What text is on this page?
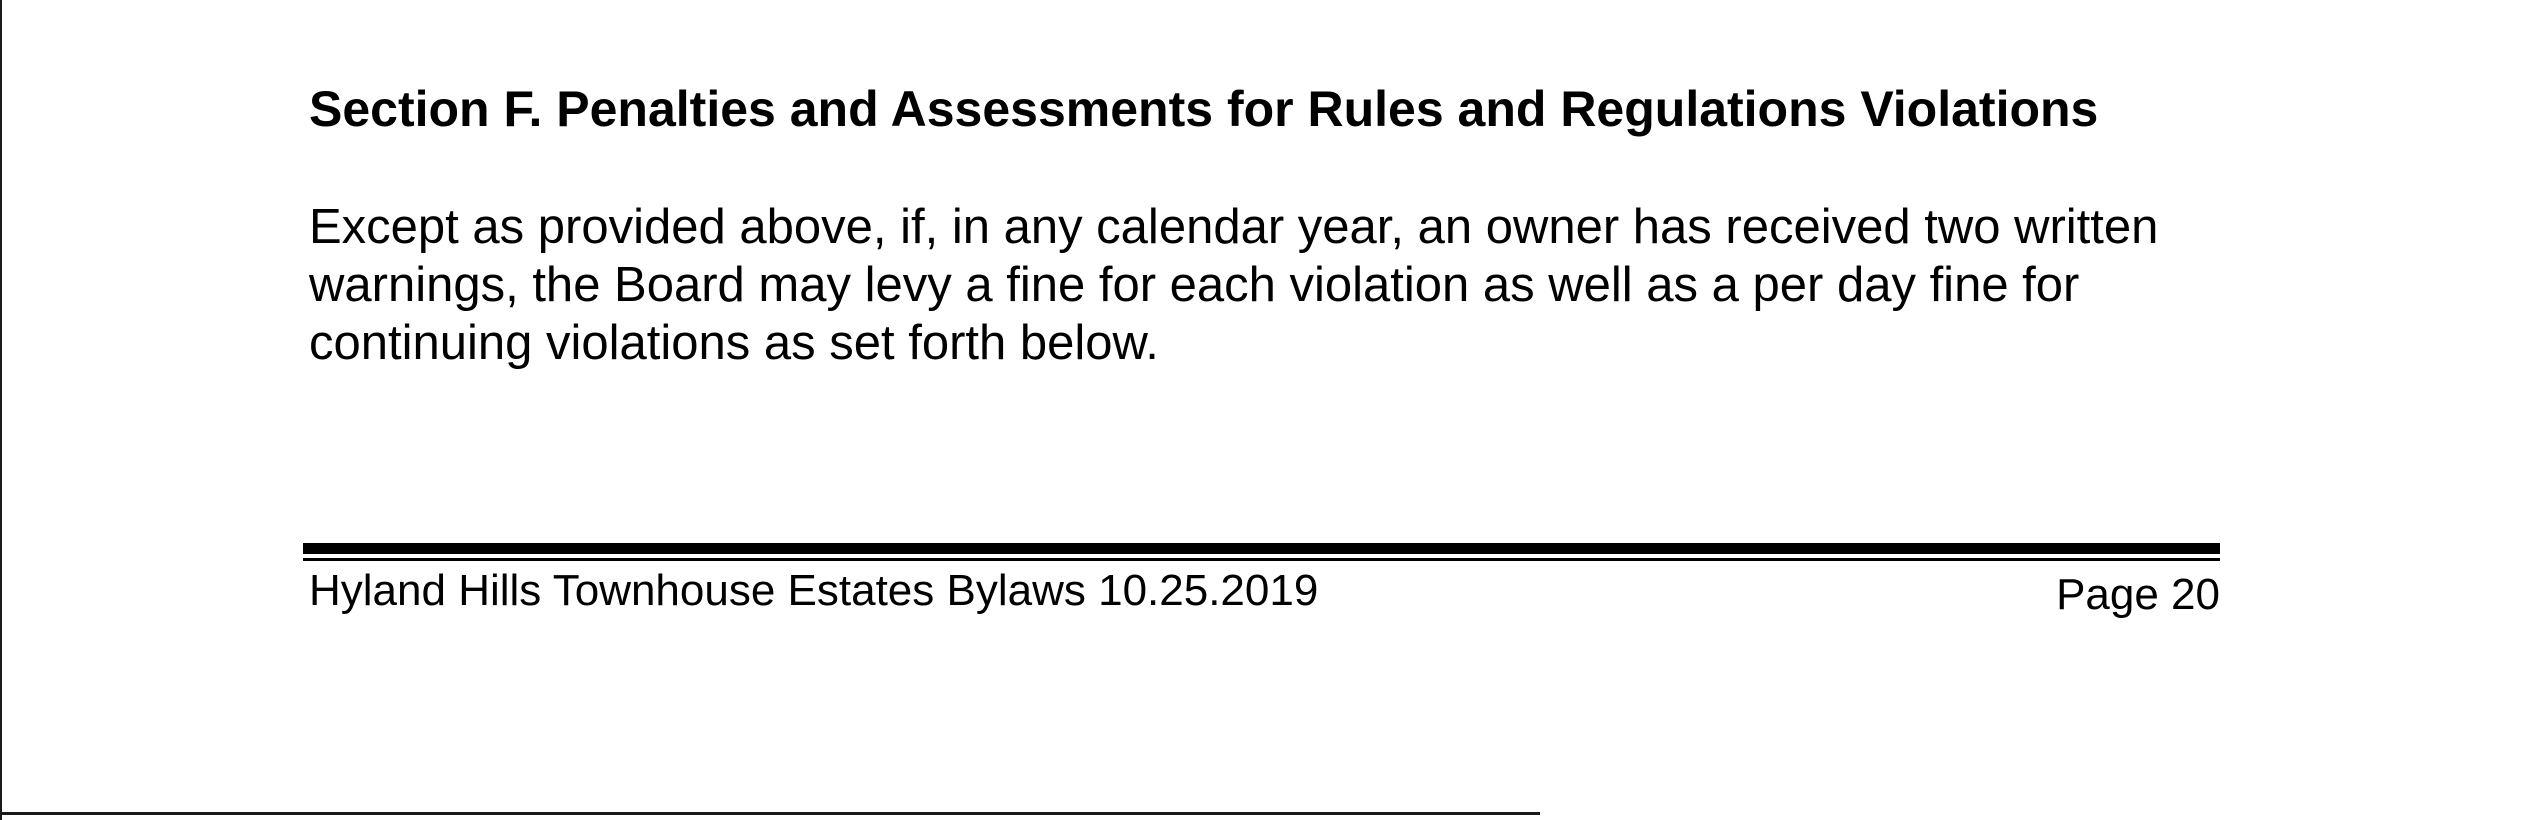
Section F. Penalties and Assessments for Rules and Regulations Violations

Except as provided above, if, in any calendar year, an owner has received two written warnings, the Board may levy a fine for each violation as well as a per day fine for continuing violations as set forth below.

Hyland Hills Townhouse Estates Bylaws 10.25.2019	Page 20
